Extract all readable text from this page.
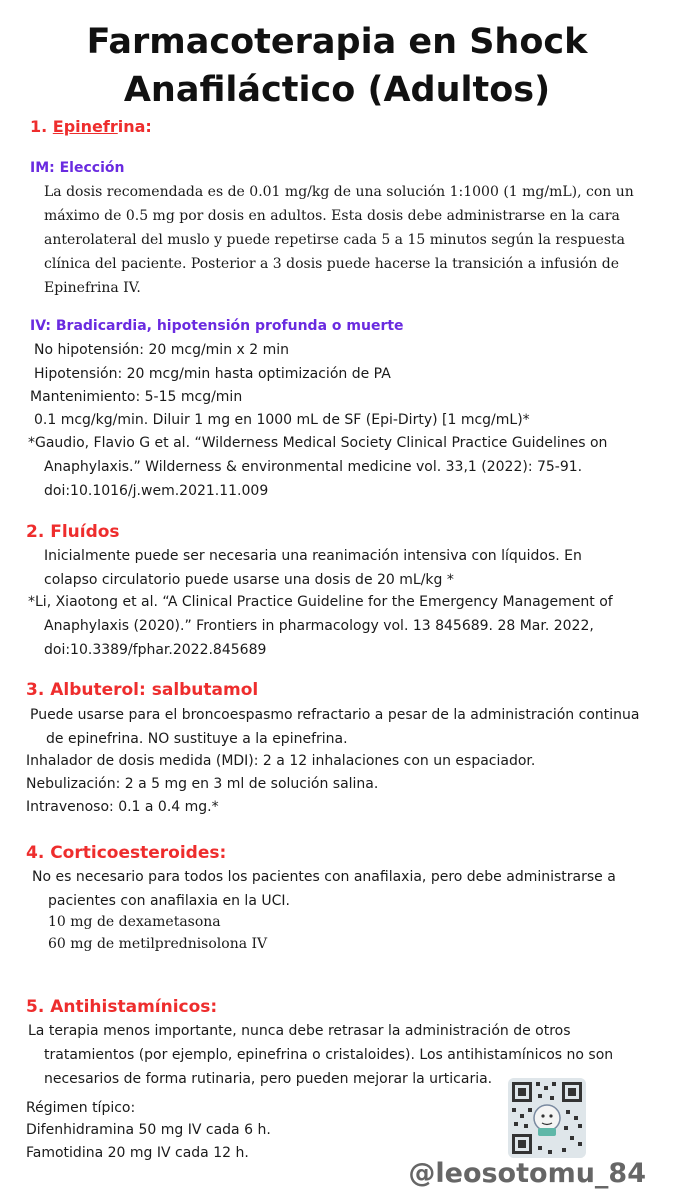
Farmacoterapia en Shock
Anafiláctico (Adultos)
1. Epinefrina:
IM: Elección

La dosis recomendada es de 0.01 mg/kg de una solución 1:1000 (1 mg/mL), con un máximo de 0.5 mg por dosis en adultos. Esta dosis debe administrarse en la cara anterolateral del muslo y puede repetirse cada 5 a 15 minutos según la respuesta clínica del paciente. Posterior a 3 dosis puede hacerse la transición a infusión de Epinefrina IV.

IV: Bradicardia, hipotensión profunda o muerte
No hipotensión: 20 mcg/min x 2 min
Hipotensión: 20 mcg/min hasta optimización de PA
Mantenimiento: 5-15 mcg/min
0.1 mcg/kg/min. Diluir 1 mg en 1000 mL de SF (Epi-Dirty) [1 mcg/mL)*

*Gaudio, Flavio G et al. “Wilderness Medical Society Clinical Practice Guidelines on Anaphylaxis.” Wilderness & environmental medicine vol. 33,1 (2022): 75-91. doi:10.1016/j.wem.2021.11.009

2. Fluídos

Inicialmente puede ser necesaria una reanimación intensiva con líquidos. En colapso circulatorio puede usarse una dosis de 20 mL/kg *

*Li, Xiaotong et al. “A Clinical Practice Guideline for the Emergency Management of Anaphylaxis (2020).” Frontiers in pharmacology vol. 13 845689. 28 Mar. 2022, doi:10.3389/fphar.2022.845689

3. Albuterol: salbutamol

Puede usarse para el broncoespasmo refractario a pesar de la administración continua de epinefrina. NO sustituye a la epinefrina.

Inhalador de dosis medida (MDI): 2 a 12 inhalaciones con un espaciador.
Nebulización: 2 a 5 mg en 3 ml de solución salina.
Intravenoso: 0.1 a 0.4 mg.*
4. Corticoesteroides:

No es necesario para todos los pacientes con anafilaxia, pero debe administrarse a pacientes con anafilaxia en la UCI.

10 mg de dexametasona
60 mg de metilprednisolona IV
5. Antihistamínicos:

La terapia menos importante, nunca debe retrasar la administración de otros tratamientos (por ejemplo, epinefrina o cristaloides). Los antihistamínicos no son necesarios de forma rutinaria, pero pueden mejorar la urticaria.

Régimen típico:
Difenhidramina 50 mg IV cada 6 h.
Famotidina 20 mg IV cada 12 h.
@leosotomu_84
